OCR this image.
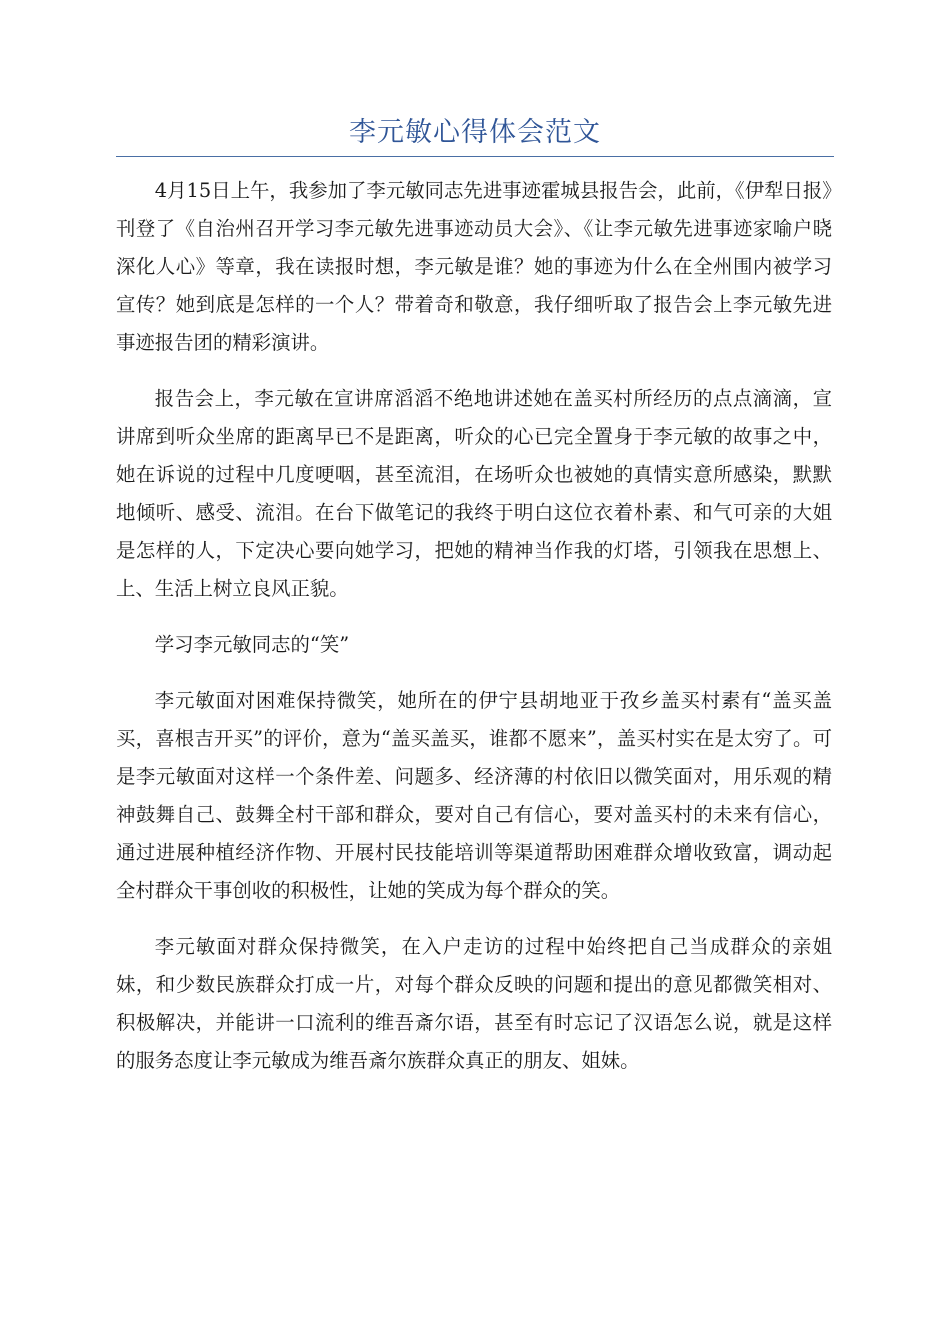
李元敏心得体会范文

4月15日上午，我参加了李元敏同志先进事迹霍城县报告会，此前，《伊犁日报》刊登了《自治州召开学习李元敏先进事迹动员大会》、《让李元敏先进事迹家喻户晓深化人心》等章，我在读报时想，李元敏是谁？她的事迹为什么在全州围内被学习宣传？她到底是怎样的一个人？带着奇和敬意，我仔细听取了报告会上李元敏先进事迹报告团的精彩演讲。

报告会上，李元敏在宣讲席滔滔不绝地讲述她在盖买村所经历的点点滴滴，宣讲席到听众坐席的距离早已不是距离，听众的心已完全置身于李元敏的故事之中，她在诉说的过程中几度哽咽，甚至流泪，在场听众也被她的真情实意所感染，默默地倾听、感受、流泪。在台下做笔记的我终于明白这位衣着朴素、和气可亲的大姐是怎样的人，下定决心要向她学习，把她的精神当作我的灯塔，引领我在思想上、上、生活上树立良风正貌。

学习李元敏同志的“笑”

李元敏面对困难保持微笑，她所在的伊宁县胡地亚于孜乡盖买村素有“盖买盖买，喜根吉开买”的评价，意为“盖买盖买，谁都不愿来”，盖买村实在是太穷了。可是李元敏面对这样一个条件差、问题多、经济薄的村依旧以微笑面对，用乐观的精神鼓舞自己、鼓舞全村干部和群众，要对自己有信心，要对盖买村的未来有信心，通过进展种植经济作物、开展村民技能培训等渠道帮助困难群众增收致富，调动起全村群众干事创收的积极性，让她的笑成为每个群众的笑。

李元敏面对群众保持微笑，在入户走访的过程中始终把自己当成群众的亲姐妹，和少数民族群众打成一片，对每个群众反映的问题和提出的意见都微笑相对、积极解决，并能讲一口流利的维吾斎尔语，甚至有时忘记了汉语怎么说，就是这样的服务态度让李元敏成为维吾斎尔族群众真正的朋友、姐妹。
